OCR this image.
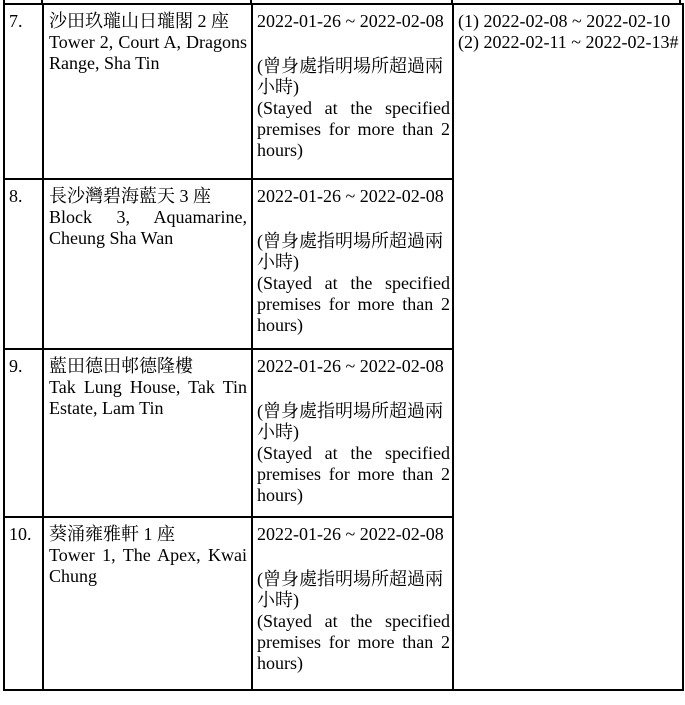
7.	沙田玖瓏山日瓏閣 2 座
Tower 2, Court A, Dragons Range, Sha Tin

2022-01-26 ~ 2022-02-08
(曾身處指明場所超過兩小時)
(Stayed at the specified premises for more than 2 hours)

(1) 2022-02-08 ~ 2022-02-10
(2) 2022-02-11 ~ 2022-02-13#

8.	長沙灣碧海藍天 3 座
Block 3, Aquamarine, Cheung Sha Wan

2022-01-26 ~ 2022-02-08
(曾身處指明場所超過兩小時)
(Stayed at the specified premises for more than 2 hours)

9.	藍田德田邨德隆樓
Tak Lung House, Tak Tin Estate, Lam Tin

2022-01-26 ~ 2022-02-08
(曾身處指明場所超過兩小時)
(Stayed at the specified premises for more than 2 hours)

10.	葵涌雍雅軒 1 座
Tower 1, The Apex, Kwai Chung

2022-01-26 ~ 2022-02-08
(曾身處指明場所超過兩小時)
(Stayed at the specified premises for more than 2 hours)
